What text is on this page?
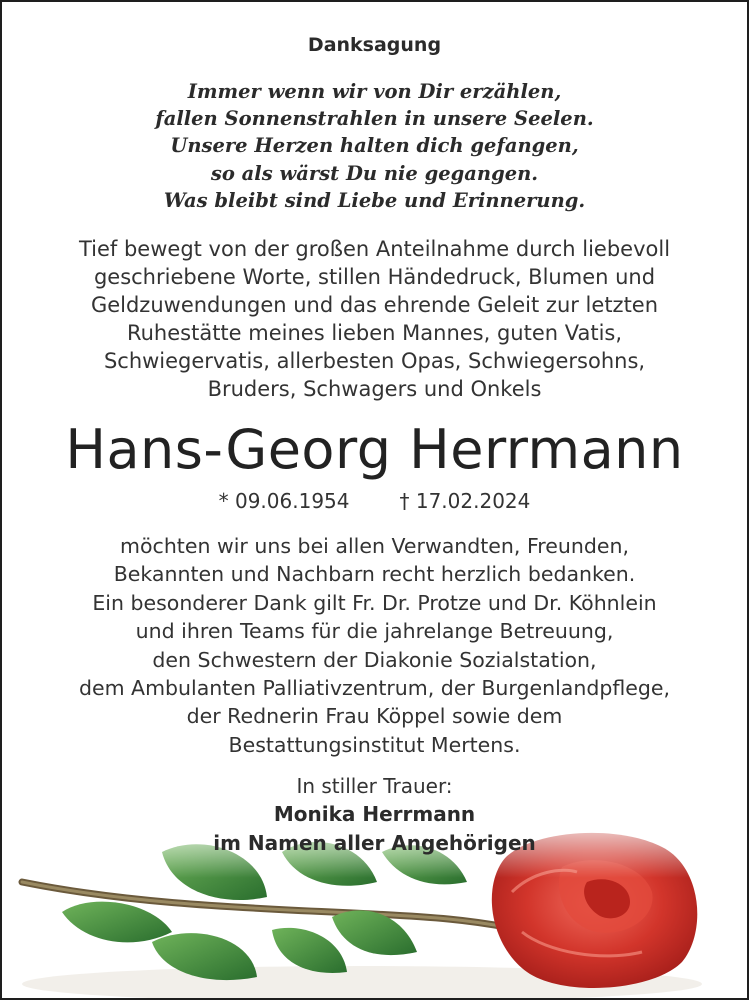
Danksagung
Immer wenn wir von Dir erzählen,
fallen Sonnenstrahlen in unsere Seelen.
Unsere Herzen halten dich gefangen,
so als wärst Du nie gegangen.
Was bleibt sind Liebe und Erinnerung.
Tief bewegt von der großen Anteilnahme durch liebevoll
geschriebene Worte, stillen Händedruck, Blumen und
Geldzuwendungen und das ehrende Geleit zur letzten
Ruhestätte meines lieben Mannes, guten Vatis,
Schwiegervatis, allerbesten Opas, Schwiegersohns,
Bruders, Schwagers und Onkels
Hans-Georg Herrmann
* 09.06.1954	† 17.02.2024
möchten wir uns bei allen Verwandten, Freunden,
Bekannten und Nachbarn recht herzlich bedanken.
Ein besonderer Dank gilt Fr. Dr. Protze und Dr. Köhnlein
und ihren Teams für die jahrelange Betreuung,
den Schwestern der Diakonie Sozialstation,
dem Ambulanten Palliativzentrum, der Burgenlandpflege,
der Rednerin Frau Köppel sowie dem
Bestattungsinstitut Mertens.
In stiller Trauer:
Monika Herrmann
im Namen aller Angehörigen
